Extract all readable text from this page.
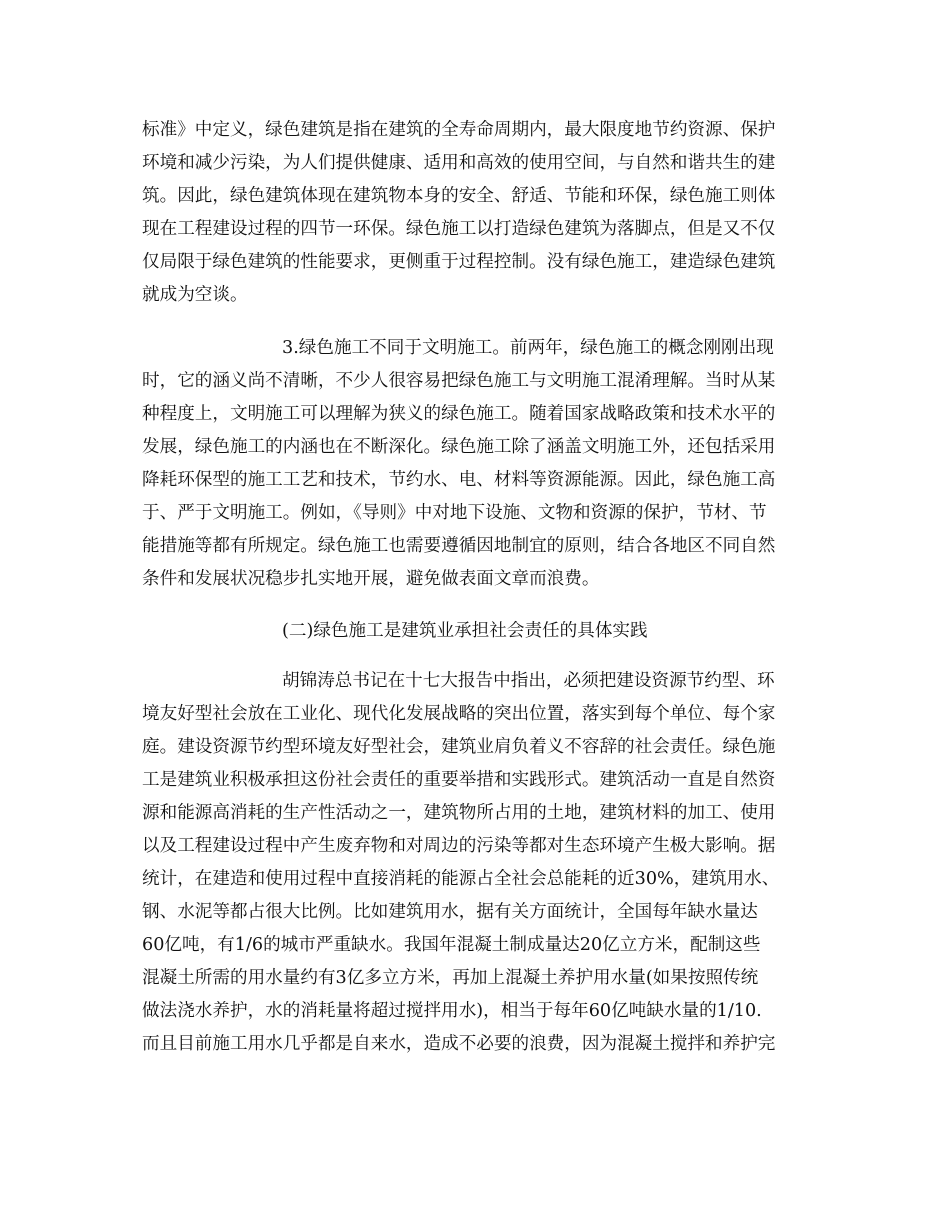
标准》中定义，绿色建筑是指在建筑的全寿命周期内，最大限度地节约资源、保护

环境和减少污染，为人们提供健康、适用和高效的使用空间，与自然和谐共生的建

筑。因此，绿色建筑体现在建筑物本身的安全、舒适、节能和环保，绿色施工则体

现在工程建设过程的四节一环保。绿色施工以打造绿色建筑为落脚点，但是又不仅

仅局限于绿色建筑的性能要求，更侧重于过程控制。没有绿色施工，建造绿色建筑

就成为空谈。

3.绿色施工不同于文明施工。前两年，绿色施工的概念刚刚出现

时，它的涵义尚不清晰，不少人很容易把绿色施工与文明施工混淆理解。当时从某

种程度上，文明施工可以理解为狭义的绿色施工。随着国家战略政策和技术水平的

发展，绿色施工的内涵也在不断深化。绿色施工除了涵盖文明施工外，还包括采用

降耗环保型的施工工艺和技术，节约水、电、材料等资源能源。因此，绿色施工高

于、严于文明施工。例如，《导则》中对地下设施、文物和资源的保护，节材、节

能措施等都有所规定。绿色施工也需要遵循因地制宜的原则，结合各地区不同自然

条件和发展状况稳步扎实地开展，避免做表面文章而浪费。

(二)绿色施工是建筑业承担社会责任的具体实践

胡锦涛总书记在十七大报告中指出，必须把建设资源节约型、环

境友好型社会放在工业化、现代化发展战略的突出位置，落实到每个单位、每个家

庭。建设资源节约型环境友好型社会，建筑业肩负着义不容辞的社会责任。绿色施

工是建筑业积极承担这份社会责任的重要举措和实践形式。建筑活动一直是自然资

源和能源高消耗的生产性活动之一，建筑物所占用的土地，建筑材料的加工、使用

以及工程建设过程中产生废弃物和对周边的污染等都对生态环境产生极大影响。据

统计，在建造和使用过程中直接消耗的能源占全社会总能耗的近30%，建筑用水、

钢、水泥等都占很大比例。比如建筑用水，据有关方面统计，全国每年缺水量达

60亿吨，有1/6的城市严重缺水。我国年混凝土制成量达20亿立方米，配制这些

混凝土所需的用水量约有3亿多立方米，再加上混凝土养护用水量(如果按照传统

做法浇水养护，水的消耗量将超过搅拌用水)，相当于每年60亿吨缺水量的1/10.

而且目前施工用水几乎都是自来水，造成不必要的浪费，因为混凝土搅拌和养护完
